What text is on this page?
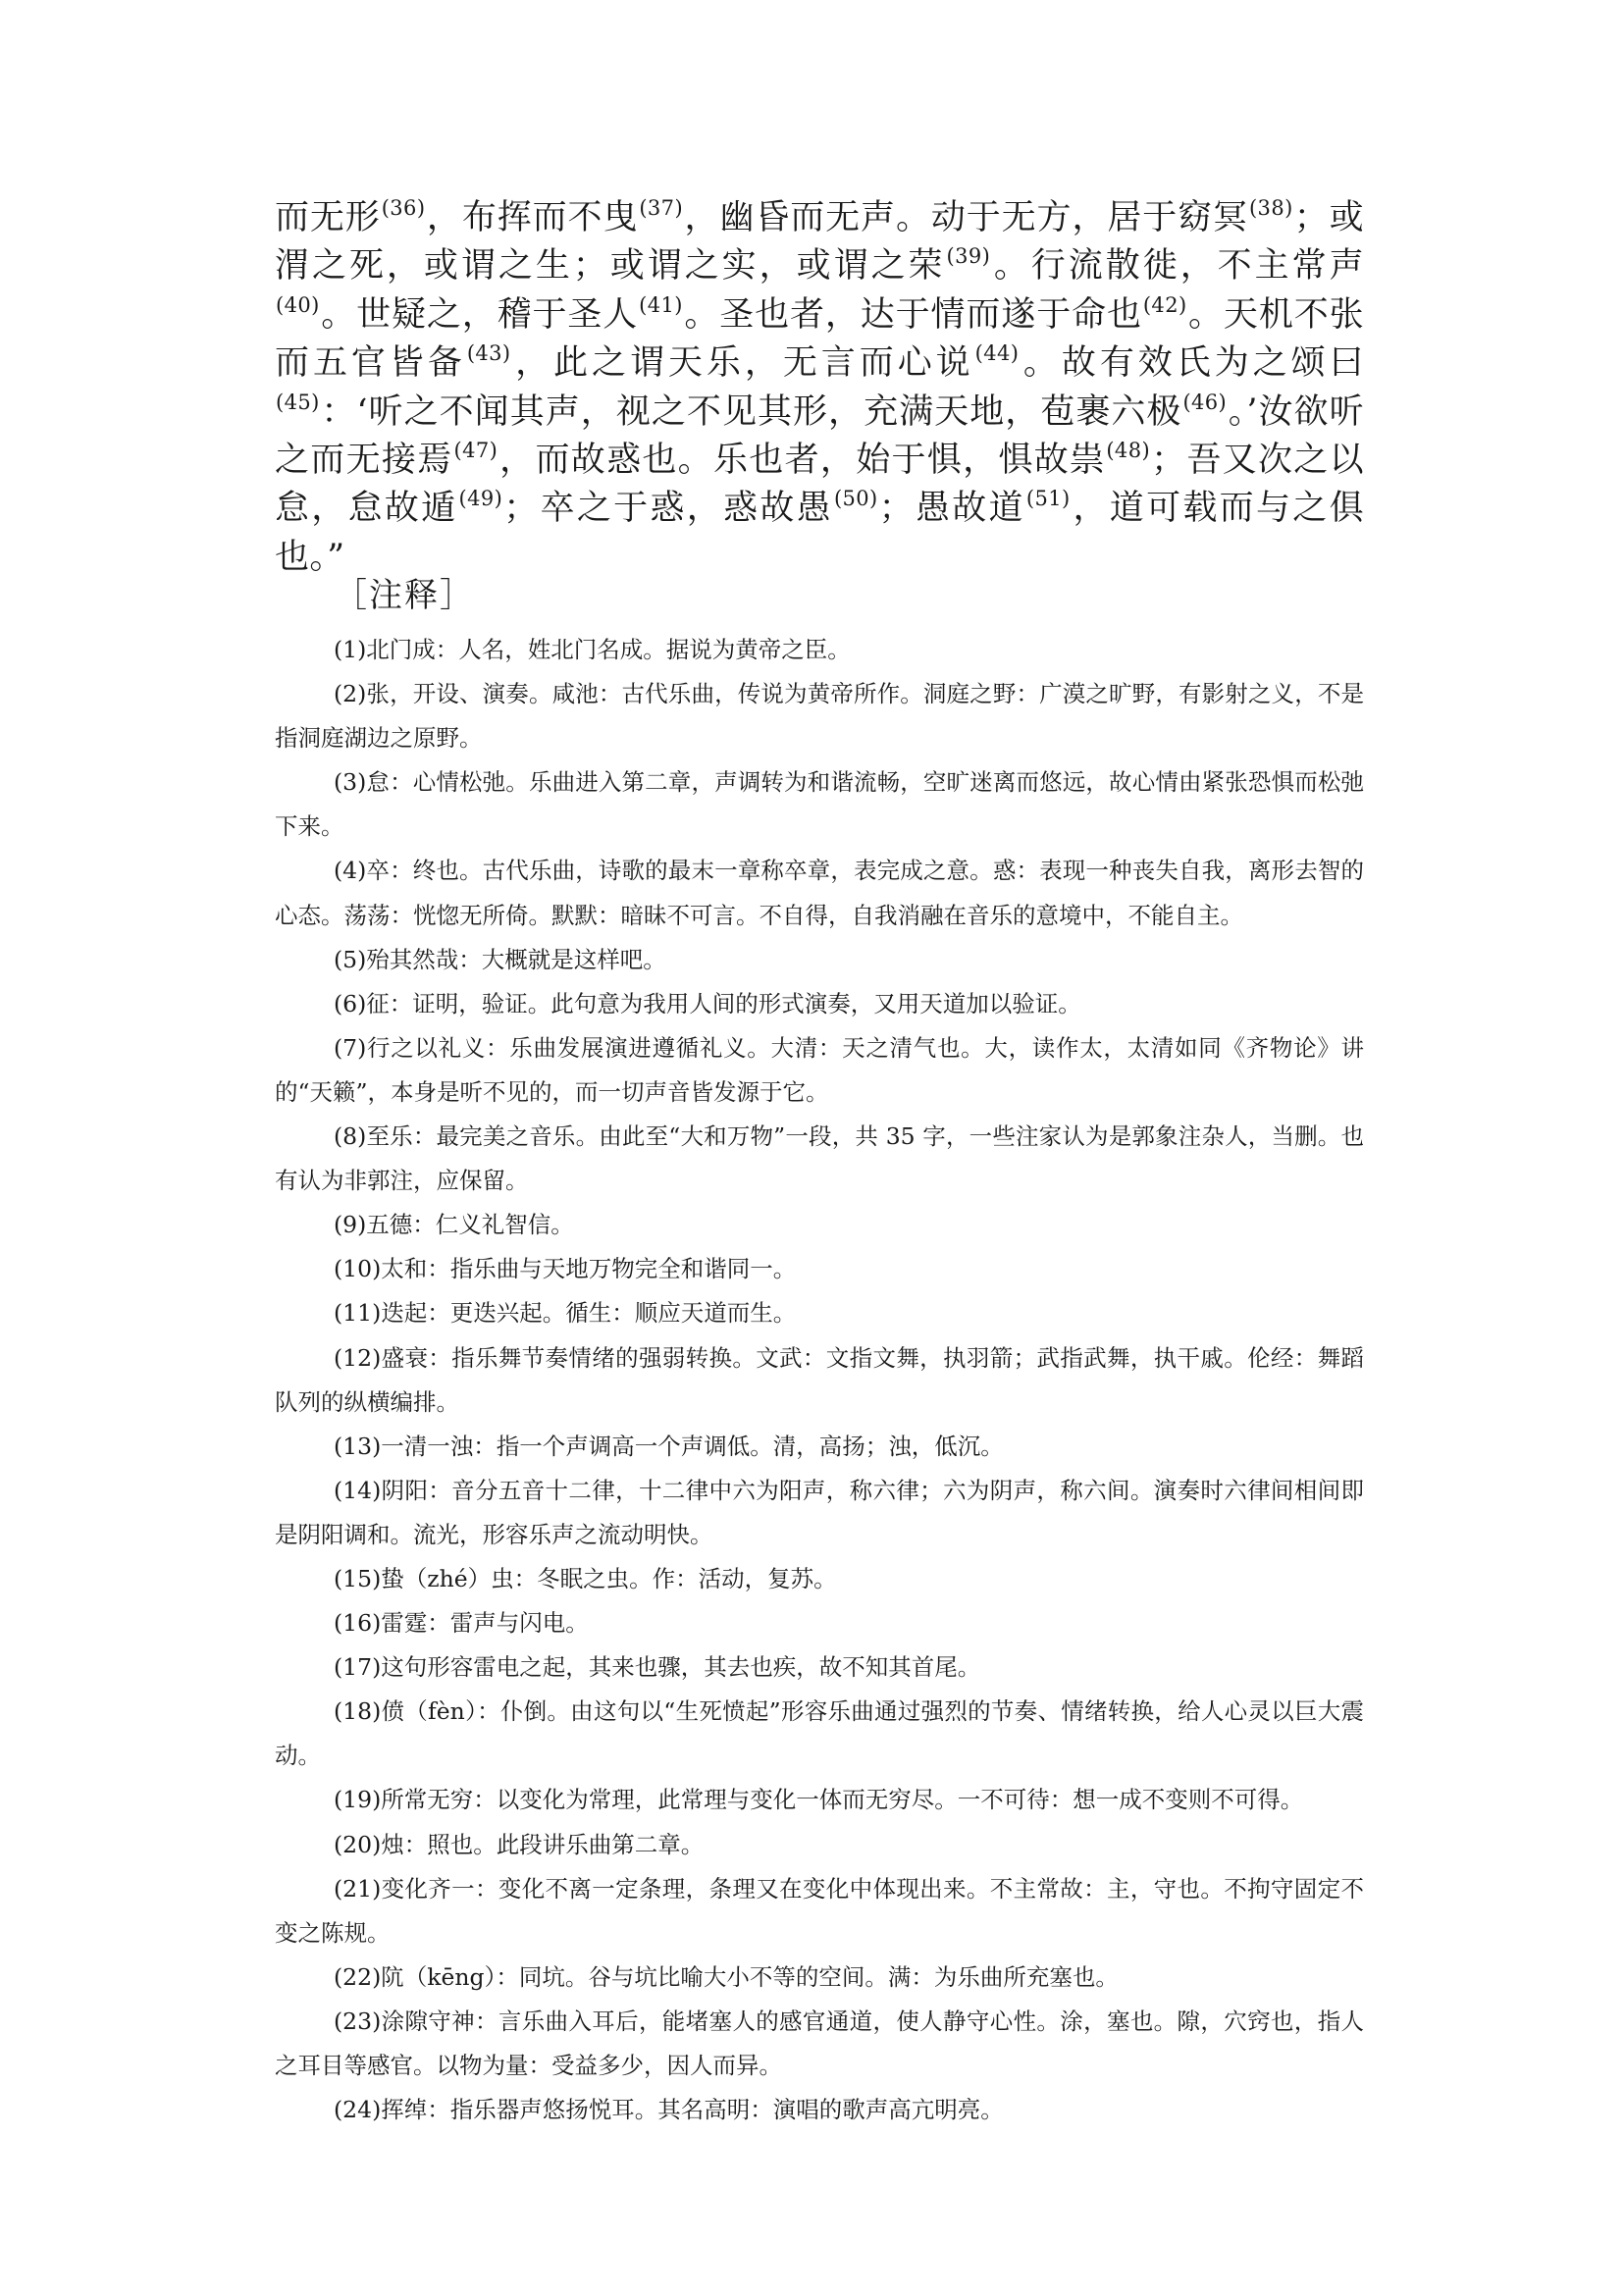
而无形$^{(36)}$，布挥而不曳$^{(37)}$，幽昏而无声。动于无方，居于窈冥$^{(38)}$；或渭之死，或谓之生；或谓之实，或谓之荣$^{(39)}$。行流散徙，不主常声$^{(40)}$。世疑之，稽于圣人$^{(41)}$。圣也者，达于情而遂于命也$^{(42)}$。天机不张而五官皆备$^{(43)}$，此之谓天乐，无言而心说$^{(44)}$。故有效氏为之颂曰$^{(45)}$：‘听之不闻其声，视之不见其形，充满天地，苞裹六极$^{(46)}$。’汝欲听之而无接焉$^{(47)}$，而故惑也。乐也者，始于惧，惧故祟$^{(48)}$；吾又次之以怠，怠故遁$^{(49)}$；卒之于惑，惑故愚$^{(50)}$；愚故道$^{(51)}$，道可载而与之俱也。”
［注释］

(1)北门成：人名，姓北门名成。据说为黄帝之臣。

(2)张，开设、演奏。咸池：古代乐曲，传说为黄帝所作。洞庭之野：广漠之旷野，有影射之义，不是指洞庭湖边之原野。

(3)怠：心情松弛。乐曲进入第二章，声调转为和谐流畅，空旷迷离而悠远，故心情由紧张恐惧而松弛下来。

(4)卒：终也。古代乐曲，诗歌的最末一章称卒章，表完成之意。惑：表现一种丧失自我，离形去智的心态。荡荡：恍惚无所倚。默默：暗昧不可言。不自得，自我消融在音乐的意境中，不能自主。

(5)殆其然哉：大概就是这样吧。

(6)征：证明，验证。此句意为我用人间的形式演奏，又用天道加以验证。

(7)行之以礼义：乐曲发展演进遵循礼义。大清：天之清气也。大，读作太，太清如同《齐物论》讲的“天籁”，本身是听不见的，而一切声音皆发源于它。

(8)至乐：最完美之音乐。由此至“大和万物”一段，共 35 字，一些注家认为是郭象注杂人，当删。也有认为非郭注，应保留。

(9)五德：仁义礼智信。

(10)太和：指乐曲与天地万物完全和谐同一。

(11)迭起：更迭兴起。循生：顺应天道而生。

(12)盛衰：指乐舞节奏情绪的强弱转换。文武：文指文舞，执羽箭；武指武舞，执干戚。伦经：舞蹈队列的纵横编排。

(13)一清一浊：指一个声调高一个声调低。清，高扬；浊，低沉。

(14)阴阳：音分五音十二律，十二律中六为阳声，称六律；六为阴声，称六间。演奏时六律间相间即是阴阳调和。流光，形容乐声之流动明快。

(15)蛰（zhé）虫：冬眠之虫。作：活动，复苏。

(16)雷霆：雷声与闪电。

(17)这句形容雷电之起，其来也骤，其去也疾，故不知其首尾。

(18)偾（fèn）：仆倒。由这句以“生死愤起”形容乐曲通过强烈的节奏、情绪转换，给人心灵以巨大震动。

(19)所常无穷：以变化为常理，此常理与变化一体而无穷尽。一不可待：想一成不变则不可得。

(20)烛：照也。此段讲乐曲第二章。

(21)变化齐一：变化不离一定条理，条理又在变化中体现出来。不主常故：主，守也。不拘守固定不变之陈规。

(22)阬（kēng）：同坑。谷与坑比喻大小不等的空间。满：为乐曲所充塞也。

(23)涂隙守神：言乐曲入耳后，能堵塞人的感官通道，使人静守心性。涂，塞也。隙，穴窍也，指人之耳目等感官。以物为量：受益多少，因人而异。

(24)挥绰：指乐器声悠扬悦耳。其名高明：演唱的歌声高亢明亮。
